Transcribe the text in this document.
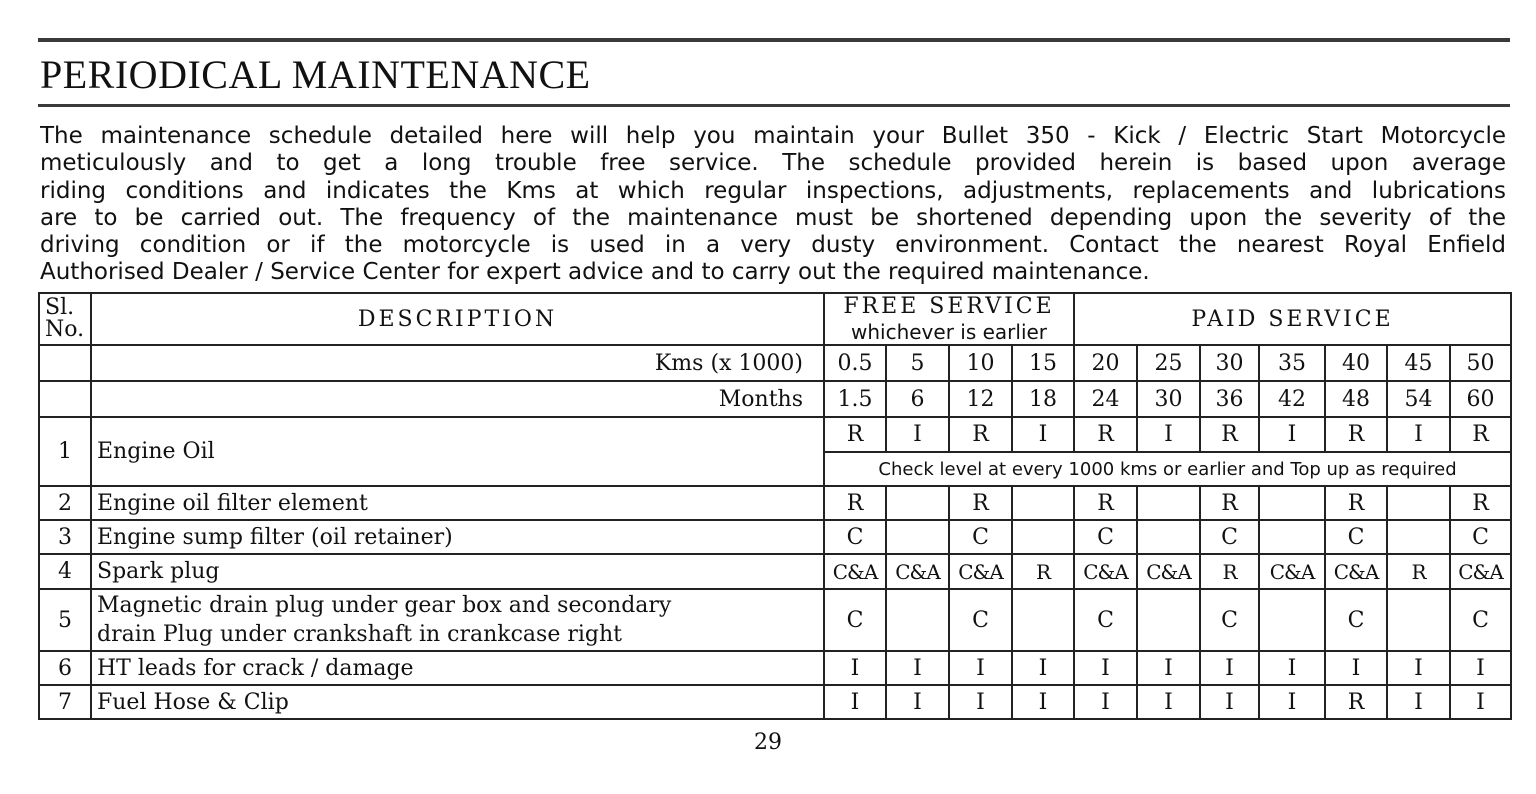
PERIODICAL MAINTENANCE

The maintenance schedule detailed here will help you maintain your Bullet 350 - Kick / Electric Start Motorcycle
meticulously and to get a long trouble free service. The schedule provided herein is based upon average
riding conditions and indicates the Kms at which regular inspections, adjustments, replacements and lubrications
are to be carried out. The frequency of the maintenance must be shortened depending upon the severity of the
driving condition or if the motorcycle is used in a very dusty environment. Contact the nearest Royal Enfield
Authorised Dealer / Service Center for expert advice and to carry out the required maintenance.

Sl.
No.	DESCRIPTION	FREE SERVICE				PAID SERVICE						
		whichever is earlier										
	Kms (x 1000)	0.5	5	10	15	20	25	30	35	40	45	50
	Months	1.5	6	12	18	24	30	36	42	48	54	60
1	Engine Oil	R	I	R	I	R	I	R	I	R	I	R
		Check level at every 1000 kms or earlier and Top up as required										
2	Engine oil filter element	R		R		R		R		R		R
3	Engine sump filter (oil retainer)	C		C		C		C		C		C
4	Spark plug	C&A	C&A	C&A	R	C&A	C&A	R	C&A	C&A	R	C&A
5	Magnetic drain plug under gear box and secondary
drain Plug under crankshaft in crankcase right	C		C		C		C		C		C
6	HT leads for crack / damage	I	I	I	I	I	I	I	I	I	I	I
7	Fuel Hose & Clip	I	I	I	I	I	I	I	I	R	I	I
29
